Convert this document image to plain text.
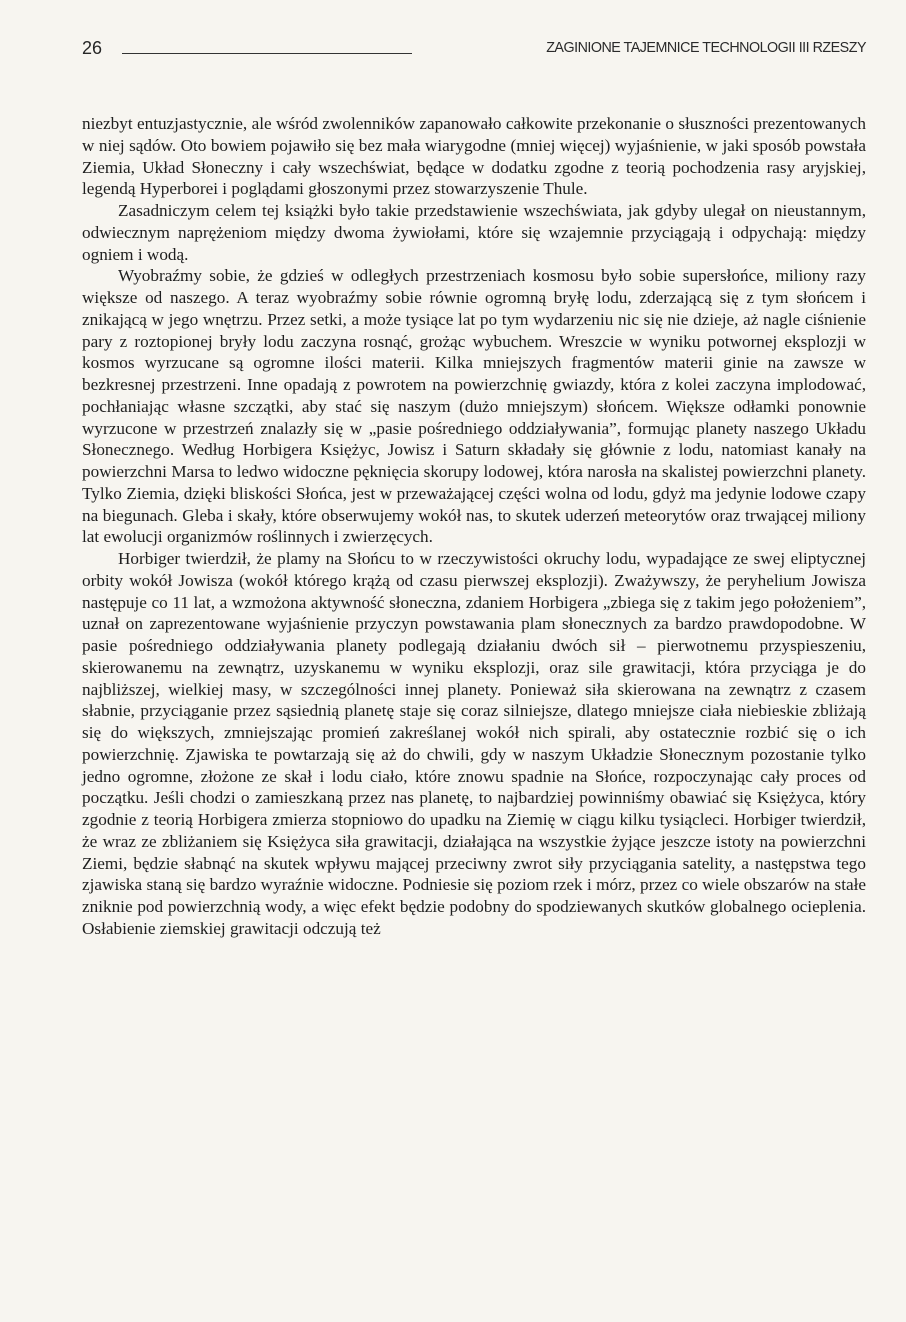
26	ZAGINIONE TAJEMNICE TECHNOLOGII III RZESZY

niezbyt entuzjastycznie, ale wśród zwolenników zapanowało całkowite przekonanie o słuszności prezentowanych w niej sądów. Oto bowiem pojawiło się bez mała wiarygodne (mniej więcej) wyjaśnienie, w jaki sposób powstała Ziemia, Układ Słoneczny i cały wszechświat, będące w dodatku zgodne z teorią pochodzenia rasy aryjskiej, legendą Hyperborei i poglądami głoszonymi przez stowarzyszenie Thule.

Zasadniczym celem tej książki było takie przedstawienie wszechświata, jak gdyby ulegał on nieustannym, odwiecznym naprężeniom między dwoma żywiołami, które się wzajemnie przyciągają i odpychają: między ogniem i wodą.

Wyobraźmy sobie, że gdzieś w odległych przestrzeniach kosmosu było sobie supersłońce, miliony razy większe od naszego. A teraz wyobraźmy sobie równie ogromną bryłę lodu, zderzającą się z tym słońcem i znikającą w jego wnętrzu. Przez setki, a może tysiące lat po tym wydarzeniu nic się nie dzieje, aż nagle ciśnienie pary z roztopionej bryły lodu zaczyna rosnąć, grożąc wybuchem. Wreszcie w wyniku potwornej eksplozji w kosmos wyrzucane są ogromne ilości materii. Kilka mniejszych fragmentów materii ginie na zawsze w bezkresnej przestrzeni. Inne opadają z powrotem na powierzchnię gwiazdy, która z kolei zaczyna implodować, pochłaniając własne szczątki, aby stać się naszym (dużo mniejszym) słońcem. Większe odłamki ponownie wyrzucone w przestrzeń znalazły się w „pasie pośredniego oddziaływania”, formując planety naszego Układu Słonecznego. Według Horbigera Księżyc, Jowisz i Saturn składały się głównie z lodu, natomiast kanały na powierzchni Marsa to ledwo widoczne pęknięcia skorupy lodowej, która narosła na skalistej powierzchni planety. Tylko Ziemia, dzięki bliskości Słońca, jest w przeważającej części wolna od lodu, gdyż ma jedynie lodowe czapy na biegunach. Gleba i skały, które obserwujemy wokół nas, to skutek uderzeń meteorytów oraz trwającej miliony lat ewolucji organizmów roślinnych i zwierzęcych.

Horbiger twierdził, że plamy na Słońcu to w rzeczywistości okruchy lodu, wypadające ze swej eliptycznej orbity wokół Jowisza (wokół którego krążą od czasu pierwszej eksplozji). Zważywszy, że peryhelium Jowisza następuje co 11 lat, a wzmożona aktywność słoneczna, zdaniem Horbigera „zbiega się z takim jego położeniem”, uznał on zaprezentowane wyjaśnienie przyczyn powstawania plam słonecznych za bardzo prawdopodobne. W pasie pośredniego oddziaływania planety podlegają działaniu dwóch sił – pierwotnemu przyspieszeniu, skierowanemu na zewnątrz, uzyskanemu w wyniku eksplozji, oraz sile grawitacji, która przyciąga je do najbliższej, wielkiej masy, w szczególności innej planety. Ponieważ siła skierowana na zewnątrz z czasem słabnie, przyciąganie przez sąsiednią planetę staje się coraz silniejsze, dlatego mniejsze ciała niebieskie zbliżają się do większych, zmniejszając promień zakreślanej wokół nich spirali, aby ostatecznie rozbić się o ich powierzchnię. Zjawiska te powtarzają się aż do chwili, gdy w naszym Układzie Słonecznym pozostanie tylko jedno ogromne, złożone ze skał i lodu ciało, które znowu spadnie na Słońce, rozpoczynając cały proces od początku. Jeśli chodzi o zamieszkaną przez nas planetę, to najbardziej powinniśmy obawiać się Księżyca, który zgodnie z teorią Horbigera zmierza stopniowo do upadku na Ziemię w ciągu kilku tysiącleci. Horbiger twierdził, że wraz ze zbliżaniem się Księżyca siła grawitacji, działająca na wszystkie żyjące jeszcze istoty na powierzchni Ziemi, będzie słabnąć na skutek wpływu mającej przeciwny zwrot siły przyciągania satelity, a następstwa tego zjawiska staną się bardzo wyraźnie widoczne. Podniesie się poziom rzek i mórz, przez co wiele obszarów na stałe zniknie pod powierzchnią wody, a więc efekt będzie podobny do spodziewanych skutków globalnego ocieplenia. Osłabienie ziemskiej grawitacji odczują też
